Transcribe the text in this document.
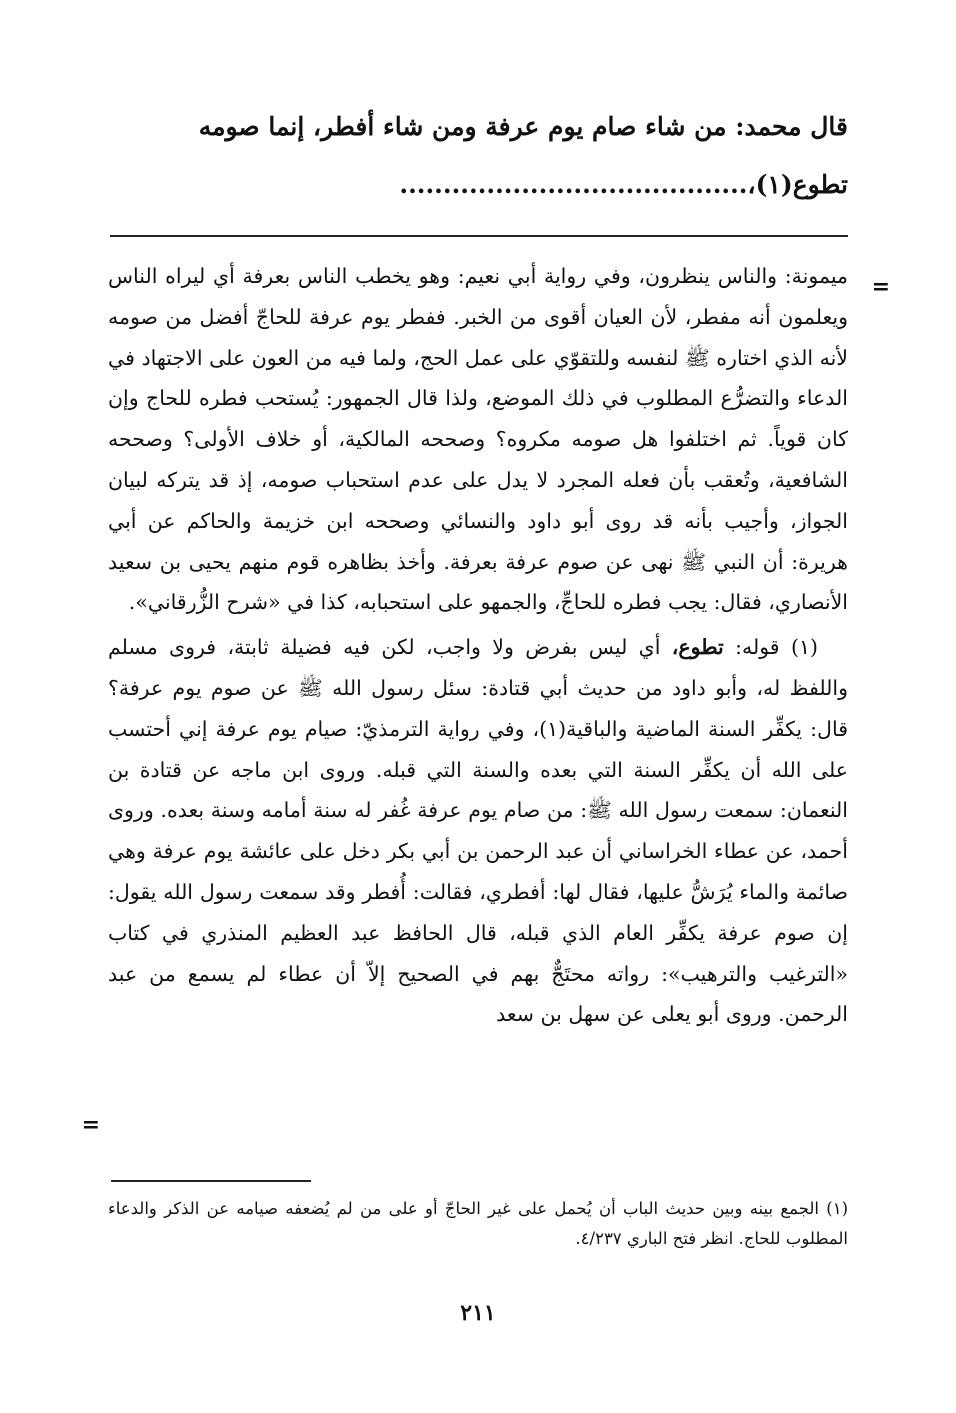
قال محمد: من شاء صام يوم عرفة ومن شاء أفطر، إنما صومه

تطوع(١)،........................................

=

ميمونة: والناس ينظرون، وفي رواية أبي نعيم: وهو يخطب الناس بعرفة أي ليراه الناس ويعلمون أنه مفطر، لأن العيان أقوى من الخبر. ففطر يوم عرفة للحاجّ أفضل من صومه لأنه الذي اختاره ﷺ لنفسه وللتقوّي على عمل الحج، ولما فيه من العون على الاجتهاد في الدعاء والتضرُّع المطلوب في ذلك الموضع، ولذا قال الجمهور: يُستحب فطره للحاج وإن كان قوياً. ثم اختلفوا هل صومه مكروه؟ وصححه المالكية، أو خلاف الأولى؟ وصححه الشافعية، وتُعقب بأن فعله المجرد لا يدل على عدم استحباب صومه، إذ قد يتركه لبيان الجواز، وأجيب بأنه قد روى أبو داود والنسائي وصححه ابن خزيمة والحاكم عن أبي هريرة: أن النبي ﷺ نهى عن صوم عرفة بعرفة. وأخذ بظاهره قوم منهم يحيى بن سعيد الأنصاري، فقال: يجب فطره للحاجِّ، والجمهو على استحبابه، كذا في «شرح الزُّرقاني».

(١) قوله: تطوع، أي ليس بفرض ولا واجب، لكن فيه فضيلة ثابتة، فروى مسلم واللفظ له، وأبو داود من حديث أبي قتادة: سئل رسول الله ﷺ عن صوم يوم عرفة؟ قال: يكفِّر السنة الماضية والباقية(١)، وفي رواية الترمذيّ: صيام يوم عرفة إني أحتسب على الله أن يكفِّر السنة التي بعده والسنة التي قبله. وروى ابن ماجه عن قتادة بن النعمان: سمعت رسول الله ﷺ: من صام يوم عرفة غُفر له سنة أمامه وسنة بعده. وروى أحمد، عن عطاء الخراساني أن عبد الرحمن بن أبي بكر دخل على عائشة يوم عرفة وهي صائمة والماء يُرَشُّ عليها، فقال لها: أفطري، فقالت: أُفطر وقد سمعت رسول الله يقول: إن صوم عرفة يكفِّر العام الذي قبله، قال الحافظ عبد العظيم المنذري في كتاب «الترغيب والترهيب»: رواته محتَجٌّ بهم في الصحيح إلاّ أن عطاء لم يسمع من عبد الرحمن. وروى أبو يعلى عن سهل بن سعد

=

(١) الجمع بينه وبين حديث الباب أن يُحمل على غير الحاجّ أو على من لم يُضعفه صيامه عن الذكر والدعاء المطلوب للحاج. انظر فتح الباري ٤/٢٣٧.

٢١١
